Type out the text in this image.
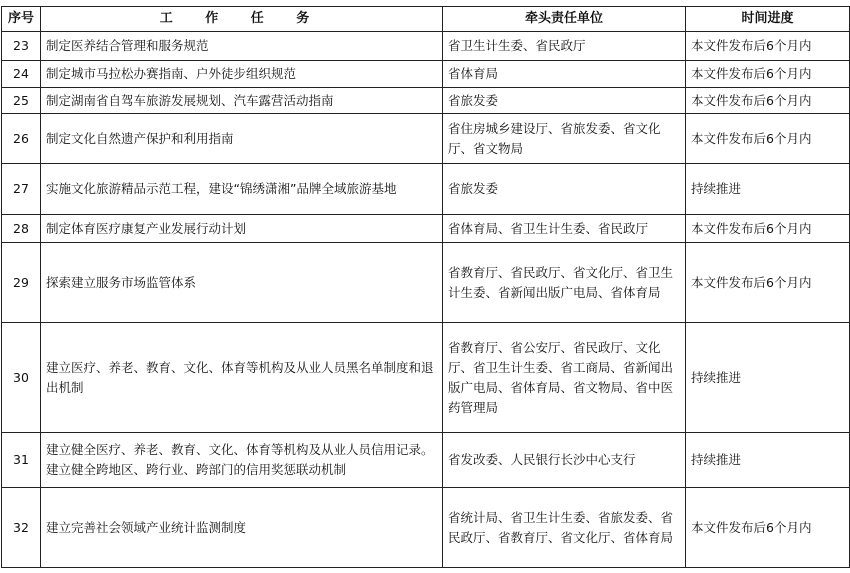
序号	工 作 任 务	牵头责任单位	时间进度
23	制定医养结合管理和服务规范	省卫生计生委、省民政厅	本文件发布后6个月内
24	制定城市马拉松办赛指南、户外徒步组织规范	省体育局	本文件发布后6个月内
25	制定湖南省自驾车旅游发展规划、汽车露营活动指南	省旅发委	本文件发布后6个月内
26	制定文化自然遗产保护和利用指南	省住房城乡建设厅、省旅发委、省文化厅、省文物局	本文件发布后6个月内
27	实施文化旅游精品示范工程，建设“锦绣潇湘”品牌全域旅游基地	省旅发委	持续推进
28	制定体育医疗康复产业发展行动计划	省体育局、省卫生计生委、省民政厅	本文件发布后6个月内
29	探索建立服务市场监管体系	省教育厅、省民政厅、省文化厅、省卫生计生委、省新闻出版广电局、省体育局	本文件发布后6个月内
30	建立医疗、养老、教育、文化、体育等机构及从业人员黑名单制度和退出机制	省教育厅、省公安厅、省民政厅、文化厅、省卫生计生委、省工商局、省新闻出版广电局、省体育局、省文物局、省中医药管理局	持续推进
31	建立健全医疗、养老、教育、文化、体育等机构及从业人员信用记录。建立健全跨地区、跨行业、跨部门的信用奖惩联动机制	省发改委、人民银行长沙中心支行	持续推进
32	建立完善社会领域产业统计监测制度	省统计局、省卫生计生委、省旅发委、省民政厅、省教育厅、省文化厅、省体育局	本文件发布后6个月内
